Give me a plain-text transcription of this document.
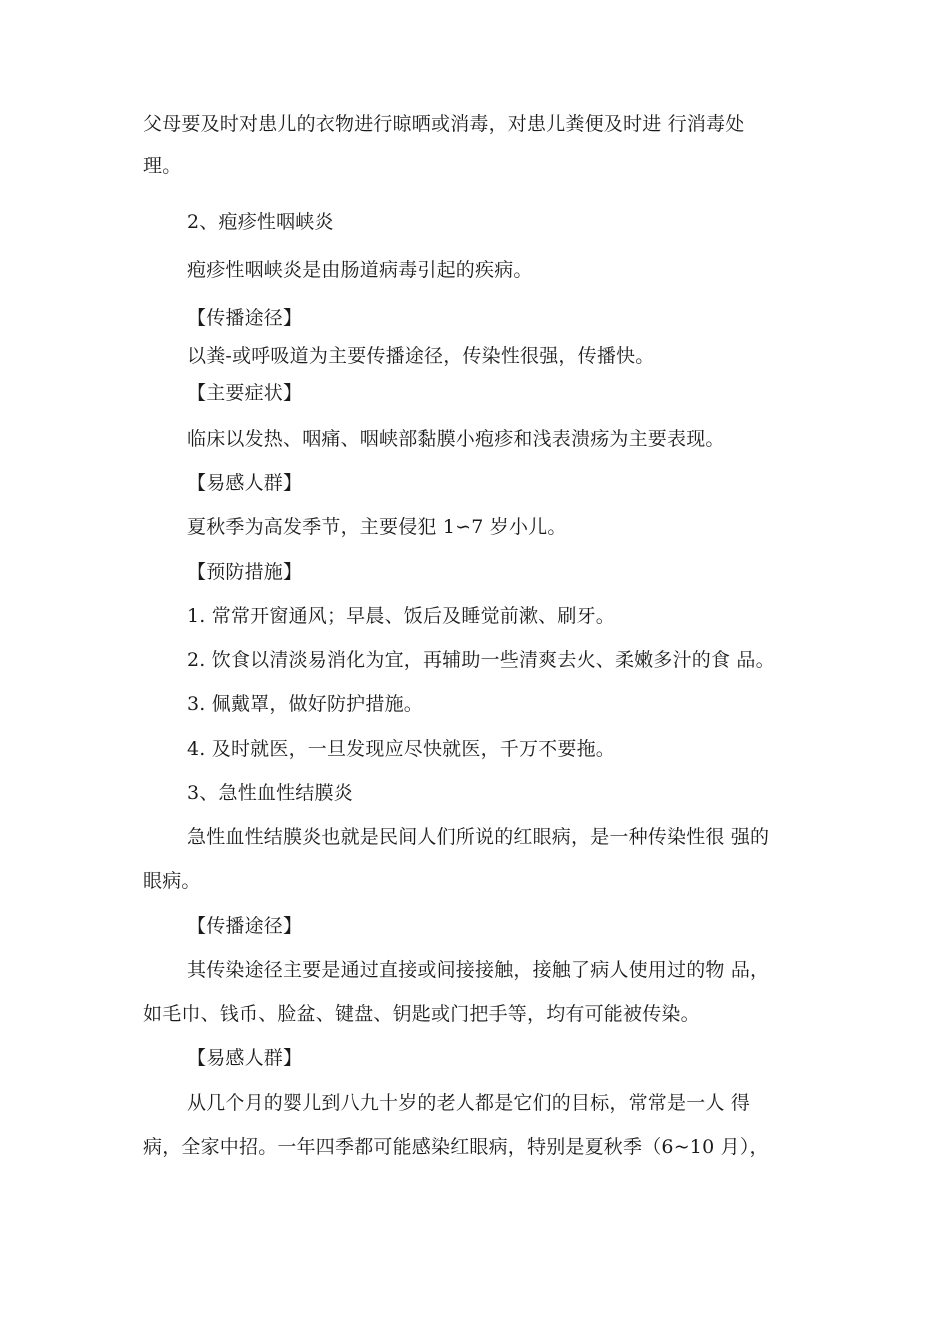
父母要及时对患儿的衣物进行晾晒或消毒，对患儿粪便及时进 行消毒处

理。

2、疱疹性咽峡炎

疱疹性咽峡炎是由肠道病毒引起的疾病。

【传播途径】

以粪-或呼吸道为主要传播途径，传染性很强，传播快。

【主要症状】

临床以发热、咽痛、咽峡部黏膜小疱疹和浅表溃疡为主要表现。

【易感人群】

夏秋季为高发季节，主要侵犯 1∽7 岁小儿。

【预防措施】

1. 常常开窗通风；早晨、饭后及睡觉前漱、刷牙。

2. 饮食以清淡易消化为宜，再辅助一些清爽去火、柔嫩多汁的食 品。

3. 佩戴罩，做好防护措施。

4. 及时就医，一旦发现应尽快就医，千万不要拖。

3、急性血性结膜炎

急性血性结膜炎也就是民间人们所说的红眼病，是一种传染性很 强的

眼病。

【传播途径】

其传染途径主要是通过直接或间接接触，接触了病人使用过的物 品，

如毛巾、钱币、脸盆、键盘、钥匙或门把手等，均有可能被传染。

【易感人群】

从几个月的婴儿到八九十岁的老人都是它们的目标，常常是一人 得

病，全家中招。一年四季都可能感染红眼病，特别是夏秋季（6~10 月），
